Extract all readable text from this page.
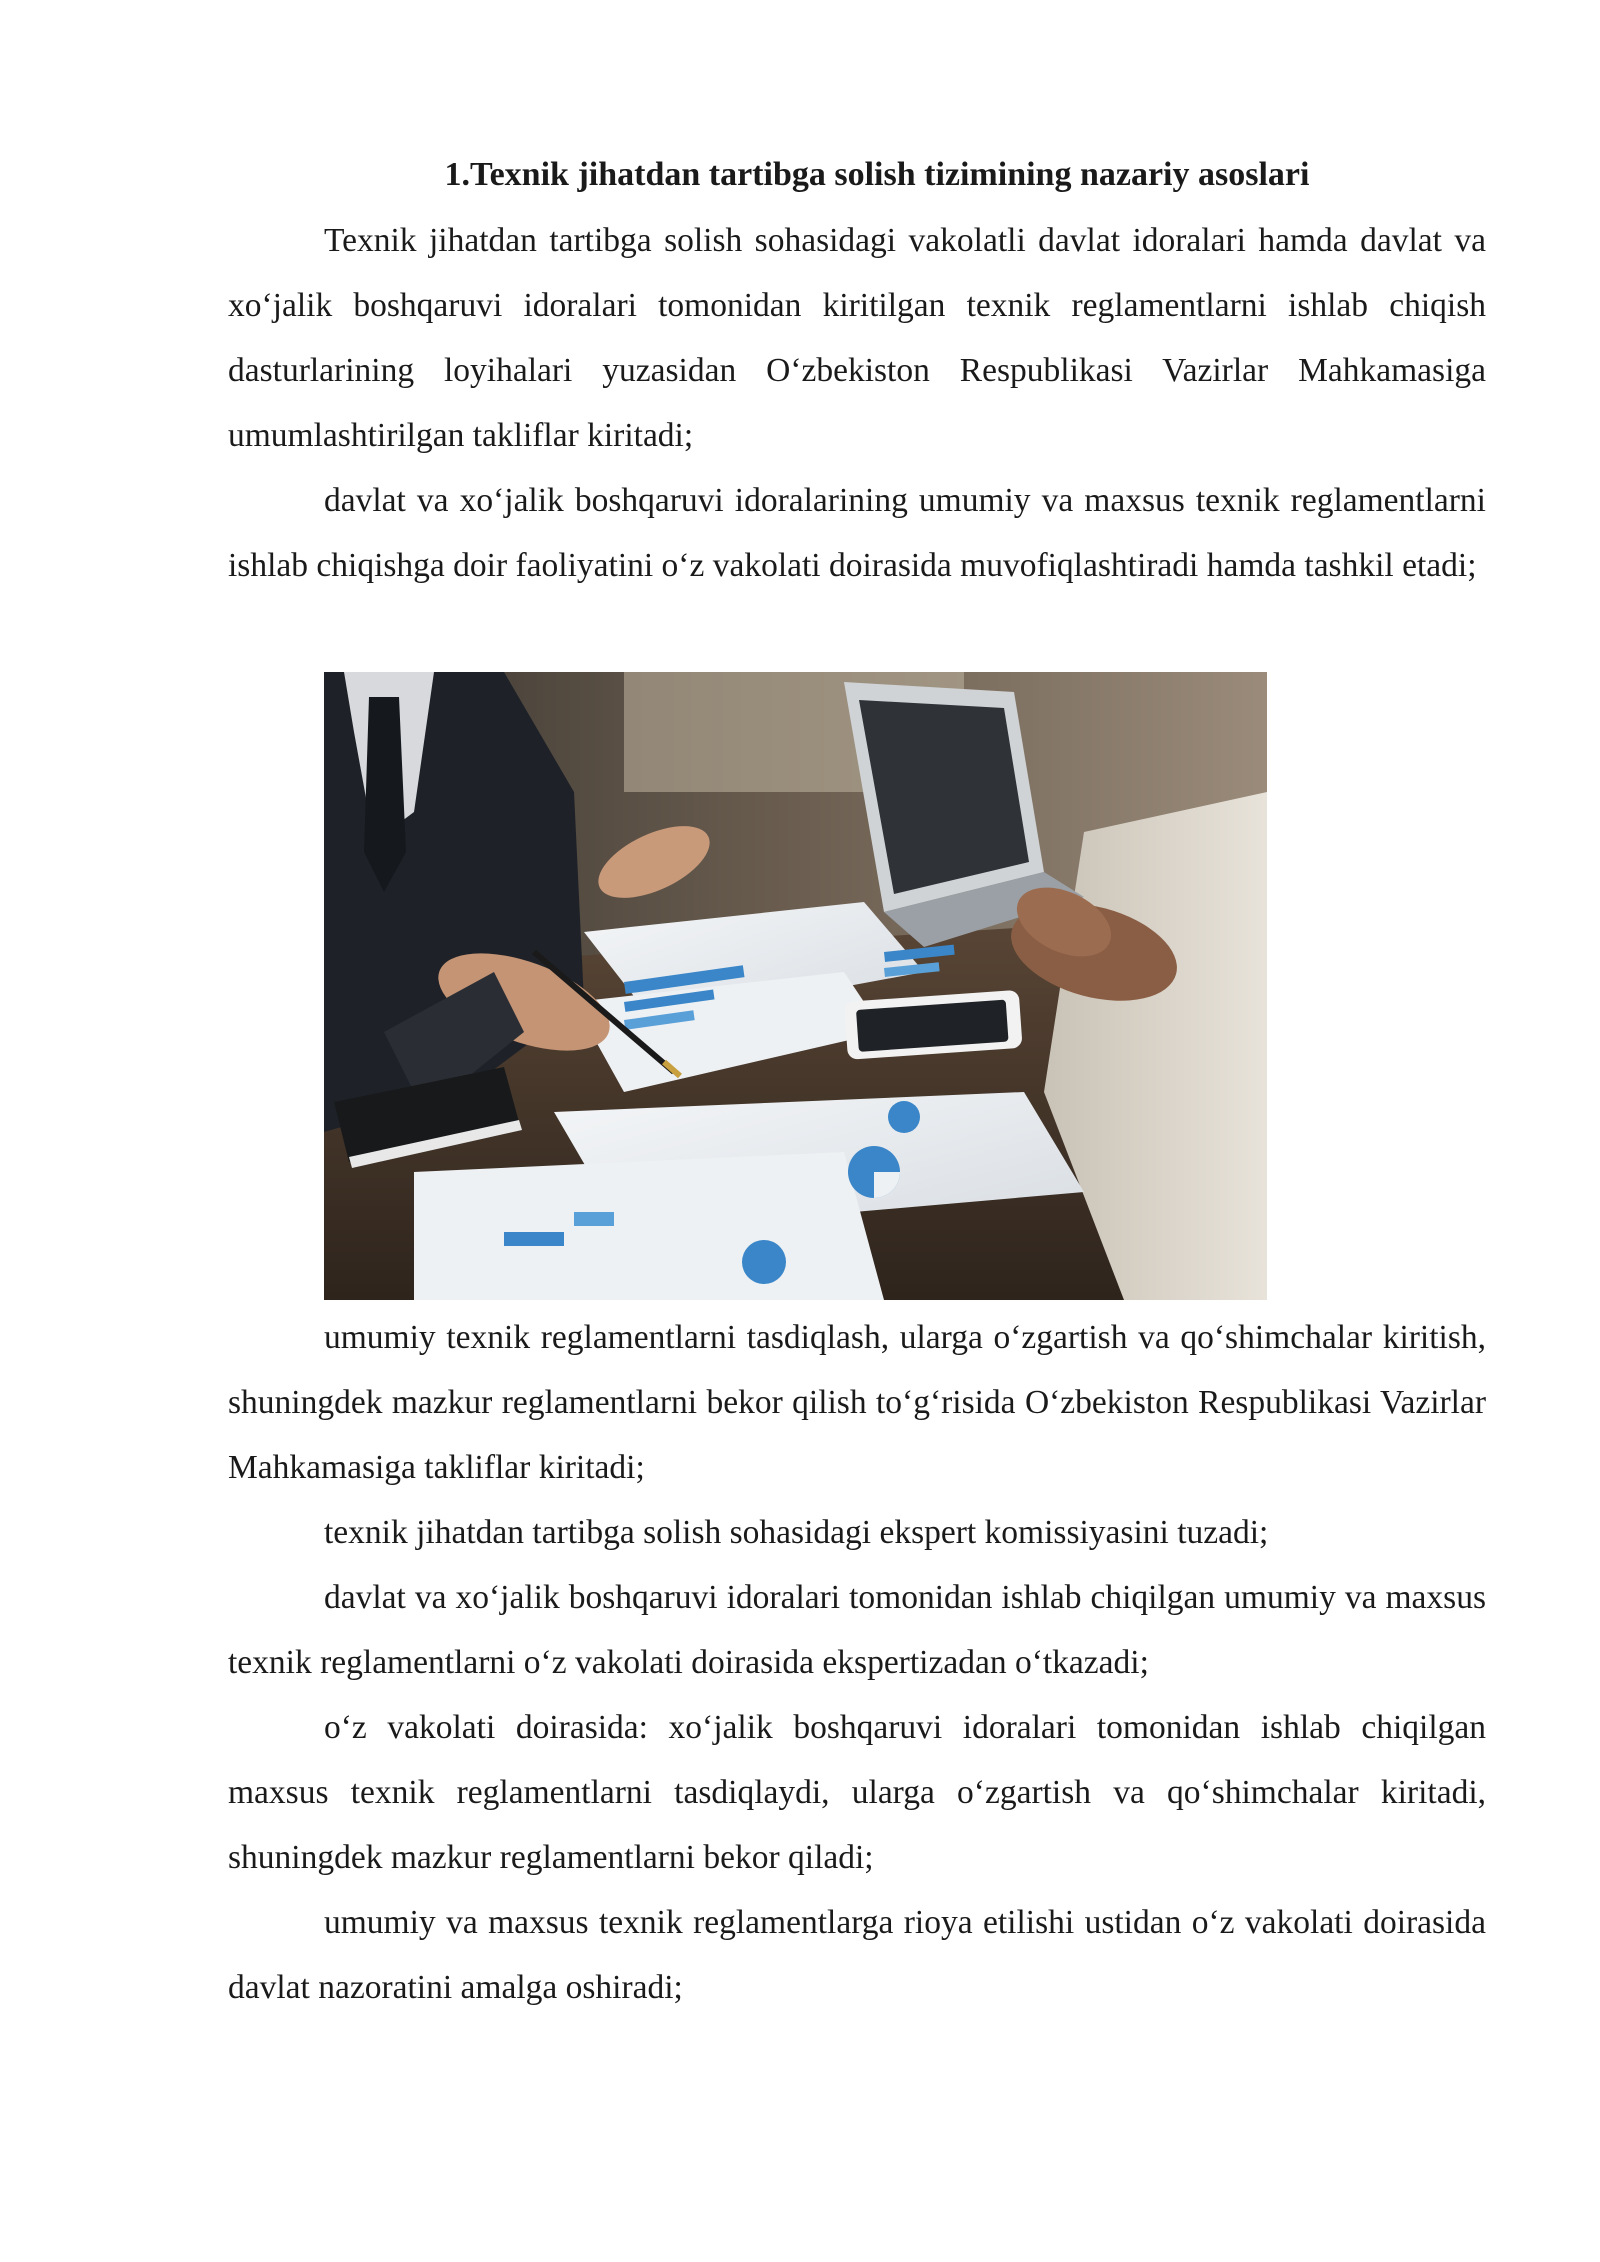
1.Texnik jihatdan tartibga solish tizimining nazariy asoslari

Texnik jihatdan tartibga solish sohasidagi vakolatli davlat idoralari hamda davlat va xo‘jalik boshqaruvi idoralari tomonidan kiritilgan texnik reglamentlarni ishlab chiqish dasturlarining loyihalari yuzasidan O‘zbekiston Respublikasi Vazirlar Mahkamasiga umumlashtirilgan takliflar kiritadi;

davlat va xo‘jalik boshqaruvi idoralarining umumiy va maxsus texnik reglamentlarni ishlab chiqishga doir faoliyatini o‘z vakolati doirasida muvofiqlashtiradi hamda tashkil etadi;

umumiy texnik reglamentlarni tasdiqlash, ularga o‘zgartish va qo‘shimchalar kiritish, shuningdek mazkur reglamentlarni bekor qilish to‘g‘risida O‘zbekiston Respublikasi Vazirlar Mahkamasiga takliflar kiritadi;

texnik jihatdan tartibga solish sohasidagi ekspert komissiyasini tuzadi;

davlat va xo‘jalik boshqaruvi idoralari tomonidan ishlab chiqilgan umumiy va maxsus texnik reglamentlarni o‘z vakolati doirasida ekspertizadan o‘tkazadi;

o‘z vakolati doirasida: xo‘jalik boshqaruvi idoralari tomonidan ishlab chiqilgan maxsus texnik reglamentlarni tasdiqlaydi, ularga o‘zgartish va qo‘shimchalar kiritadi, shuningdek mazkur reglamentlarni bekor qiladi;

umumiy va maxsus texnik reglamentlarga rioya etilishi ustidan o‘z vakolati doirasida davlat nazoratini amalga oshiradi;
